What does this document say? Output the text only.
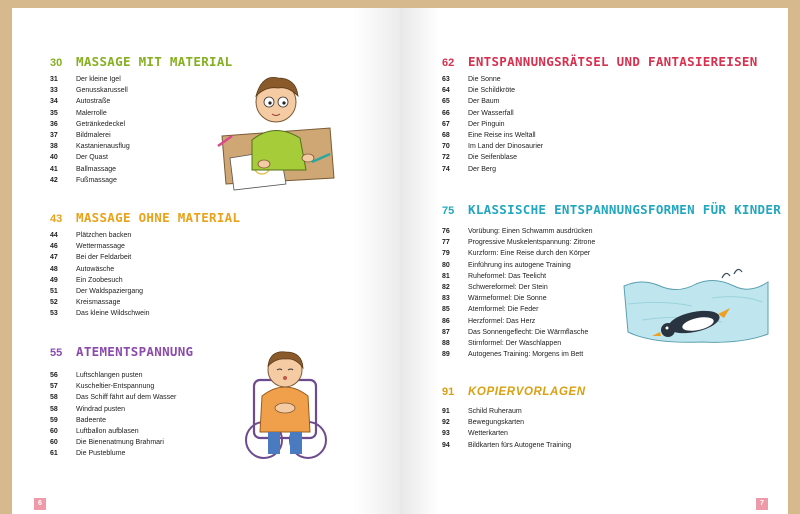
30	MASSAGE MIT MATERIAL
31	Der kleine Igel
33	Genusskarussell
34	Autostraße
35	Malerrolle
36	Getränkedeckel
37	Bildmalerei
38	Kastanienausflug
40	Der Quast
41	Ballmassage
42	Fußmassage
43	MASSAGE OHNE MATERIAL
44	Plätzchen backen
46	Wettermassage
47	Bei der Feldarbeit
48	Autowäsche
49	Ein Zoobesuch
51	Der Waldspaziergang
52	Kreismassage
53	Das kleine Wildschwein
55	ATEMENTSPANNUNG
56	Luftschlangen pusten
57	Kuscheltier-Entspannung
58	Das Schiff fährt auf dem Wasser
58	Windrad pusten
59	Badeente
60	Luftballon aufblasen
60	Die Bienenatmung Brahmari
61	Die Pusteblume
6
62	ENTSPANNUNGSRÄTSEL UND FANTASIEREISEN
63	Die Sonne
64	Die Schildkröte
65	Der Baum
66	Der Wasserfall
67	Der Pinguin
68	Eine Reise ins Weltall
70	Im Land der Dinosaurier
72	Die Seifenblase
74	Der Berg
75	KLASSISCHE ENTSPANNUNGSFORMEN FÜR KINDER
76	Vorübung: Einen Schwamm ausdrücken
77	Progressive Muskelentspannung: Zitrone
79	Kurzform: Eine Reise durch den Körper
80	Einführung ins autogene Training
81	Ruheformel: Das Teelicht
82	Schwereformel: Der Stein
83	Wärmeformel: Die Sonne
85	Atemformel: Die Feder
86	Herzformel: Das Herz
87	Das Sonnengeflecht: Die Wärmflasche
88	Stirnformel: Der Waschlappen
89	Autogenes Training: Morgens im Bett
91	KOPIERVORLAGEN
91	Schild Ruheraum
92	Bewegungskarten
93	Wetterkarten
94	Bildkarten fürs Autogene Training
7
